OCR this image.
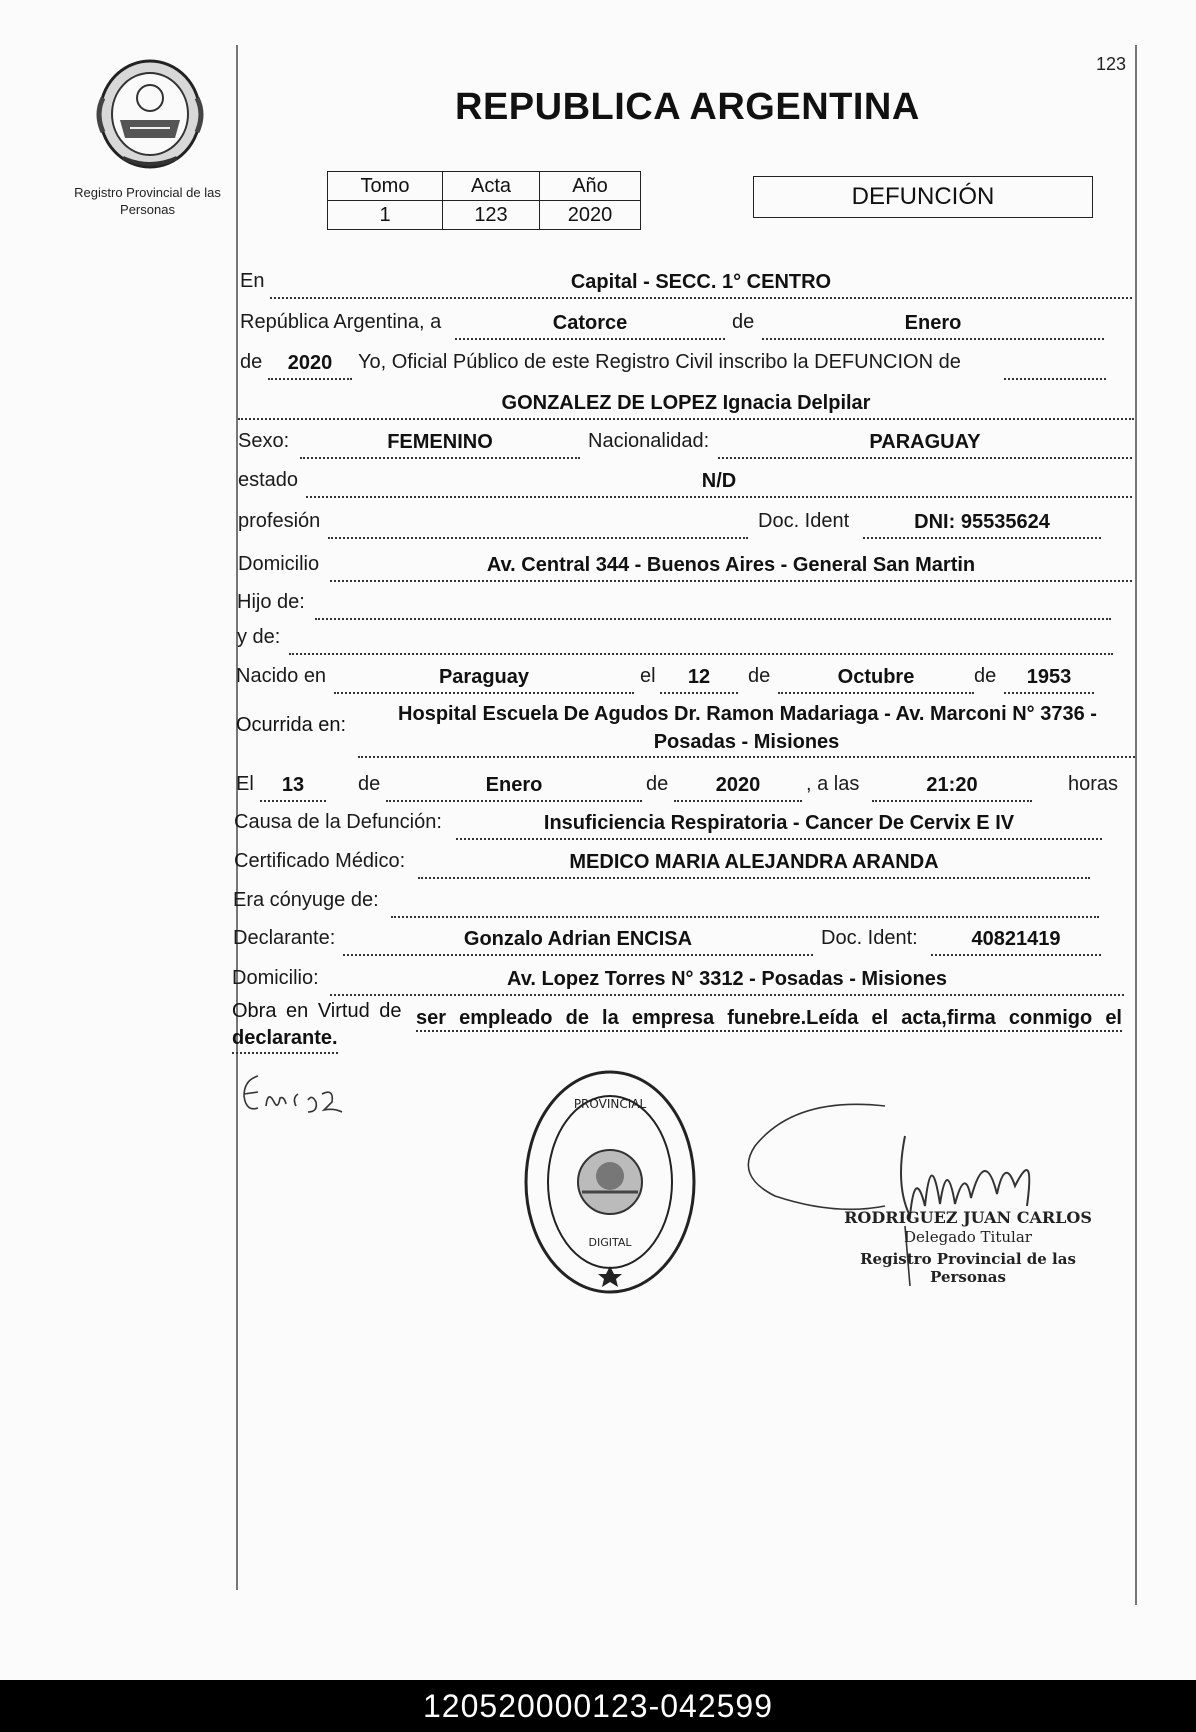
Registro Provincial de las Personas
123
REPUBLICA ARGENTINA
Tomo	Acta	Año
1	123	2020
DEFUNCIÓN
En	Capital - SECC. 1° CENTRO
República Argentina, a	Catorce	de	Enero
de	2020	Yo, Oficial Público de este Registro Civil inscribo la DEFUNCION de
GONZALEZ DE LOPEZ Ignacia Delpilar
Sexo:	FEMENINO	Nacionalidad:	PARAGUAY
estado	N/D
profesión	Doc. Ident	DNI: 95535624
Domicilio	Av. Central 344 - Buenos Aires - General San Martin
Hijo de:
y de:
Nacido en	Paraguay	el	12	de	Octubre	de	1953
Ocurrida en:	Hospital Escuela De Agudos Dr. Ramon Madariaga - Av. Marconi N° 3736 -
Posadas - Misiones
El	13	de	Enero	de	2020	, a las	21:20	horas
Causa de la Defunción:	Insuficiencia Respiratoria - Cancer De Cervix E IV
Certificado Médico:	MEDICO MARIA ALEJANDRA ARANDA
Era cónyuge de:
Declarante:	Gonzalo Adrian ENCISA	Doc. Ident:	40821419
Domicilio:	Av. Lopez Torres N° 3312 - Posadas - Misiones
Obra en Virtud de ser empleado de la empresa funebre.Leída el acta,firma conmigo el
declarante.
PROVINCIAL
DIGITAL
RODRIGUEZ JUAN CARLOS
Delegado Titular
Registro Provincial de las Personas
120520000123-042599
